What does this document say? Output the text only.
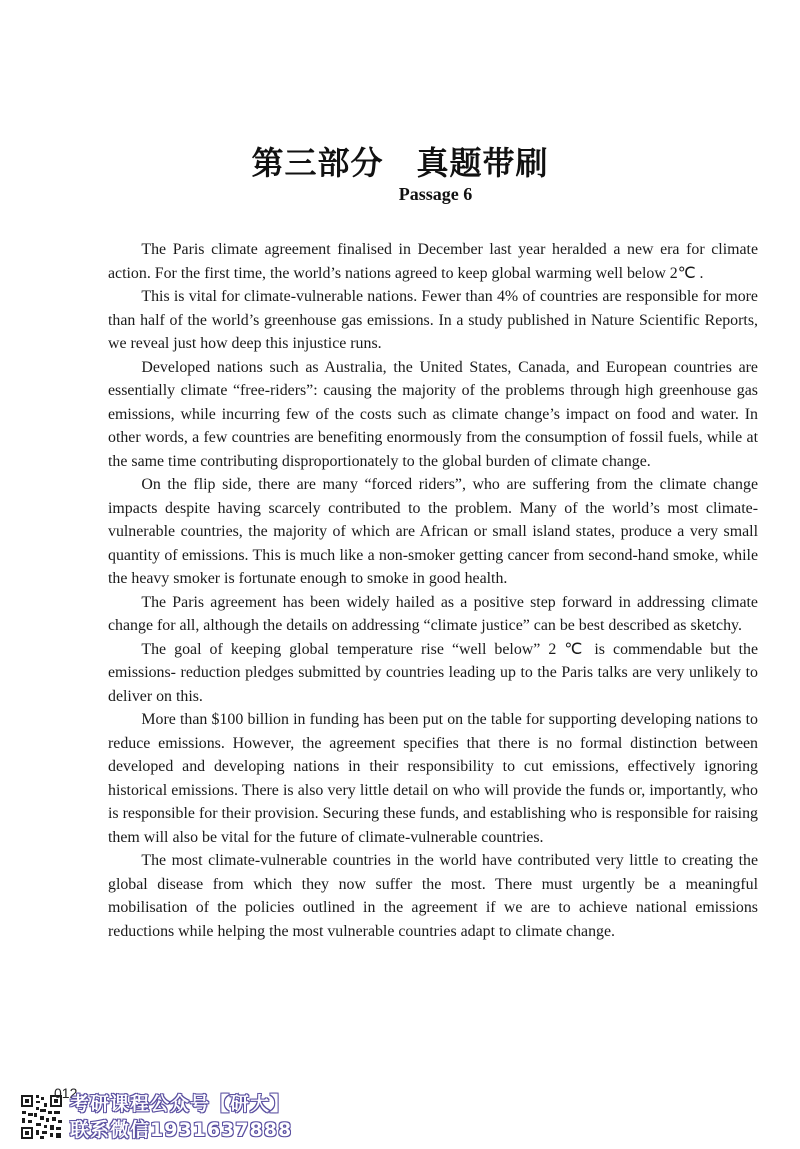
第三部分　真题带刷
Passage 6

The Paris climate agreement finalised in December last year heralded a new era for climate action. For the first time, the world’s nations agreed to keep global warming well below 2℃ .

This is vital for climate-vulnerable nations. Fewer than 4% of countries are responsible for more than half of the world’s greenhouse gas emissions. In a study published in Nature Scientific Reports, we reveal just how deep this injustice runs.

Developed nations such as Australia, the United States, Canada, and European countries are essentially climate “free-riders”: causing the majority of the problems through high greenhouse gas emissions, while incurring few of the costs such as climate change’s impact on food and water. In other words, a few countries are benefiting enormously from the consumption of fossil fuels, while at the same time contributing disproportionately to the global burden of climate change.

On the flip side, there are many “forced riders”, who are suffering from the climate change impacts despite having scarcely contributed to the problem. Many of the world’s most climate-vulnerable countries, the majority of which are African or small island states, produce a very small quantity of emissions. This is much like a non-smoker getting cancer from second-hand smoke, while the heavy smoker is fortunate enough to smoke in good health.

The Paris agreement has been widely hailed as a positive step forward in addressing climate change for all, although the details on addressing “climate justice” can be best described as sketchy.

The goal of keeping global temperature rise “well below” 2 ℃ is commendable but the emissions- reduction pledges submitted by countries leading up to the Paris talks are very unlikely to deliver on this.

More than $100 billion in funding has been put on the table for supporting developing nations to reduce emissions. However, the agreement specifies that there is no formal distinction between developed and developing nations in their responsibility to cut emissions, effectively ignoring historical emissions. There is also very little detail on who will provide the funds or, importantly, who is responsible for their provision. Securing these funds, and establishing who is responsible for raising them will also be vital for the future of climate-vulnerable countries.

The most climate-vulnerable countries in the world have contributed very little to creating the global disease from which they now suffer the most. There must urgently be a meaningful mobilisation of the policies outlined in the agreement if we are to achieve national emissions reductions while helping the most vulnerable countries adapt to climate change.

012
考研课程公众号【研大】
联系微信1931637888
